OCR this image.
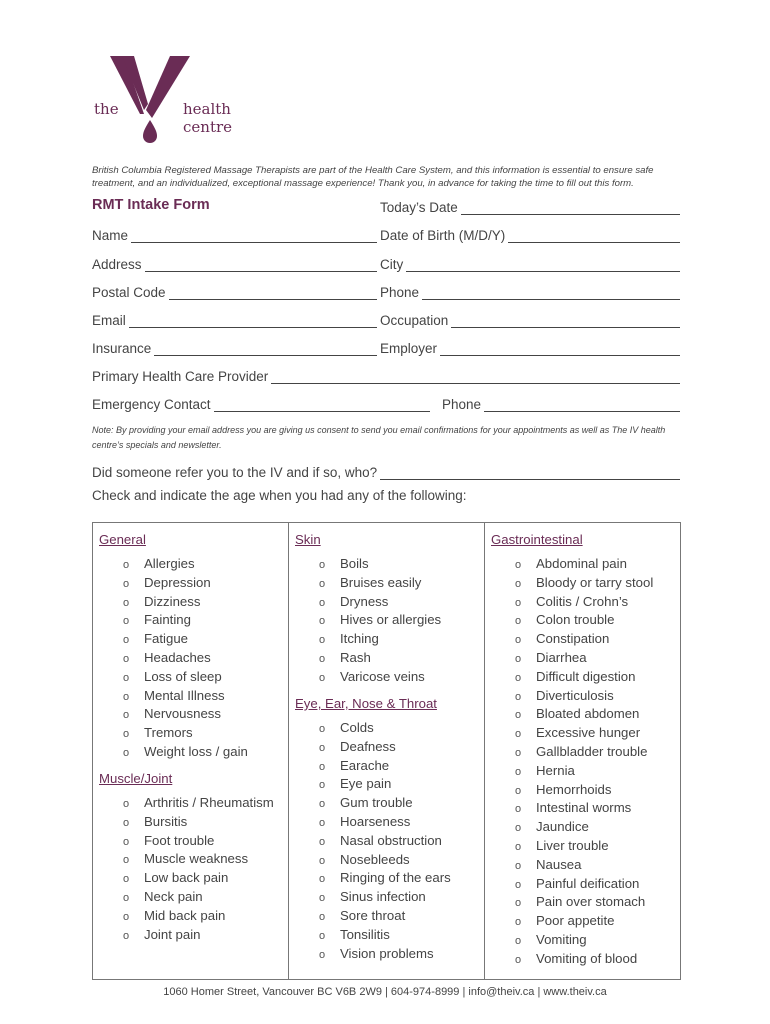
the	health centre
British Columbia Registered Massage Therapists are part of the Health Care System, and this information is essential to ensure safe treatment, and an individualized, exceptional massage experience! Thank you, in advance for taking the time to fill out this form.
RMT Intake Form	Today’s Date
Name	Date of Birth (M/D/Y)
Address	City
Postal Code	Phone
Email	Occupation
Insurance	Employer
Primary Health Care Provider
Emergency Contact	Phone
Note: By providing your email address you are giving us consent to send you email confirmations for your appointments as well as The IV health centre’s specials and newsletter.
Did someone refer you to the IV and if so, who?
Check and indicate the age when you had any of the following:
General
o Allergies
o Depression
o Dizziness
o Fainting
o Fatigue
o Headaches
o Loss of sleep
o Mental Illness
o Nervousness
o Tremors
o Weight loss / gain
Muscle/Joint
o Arthritis / Rheumatism
o Bursitis
o Foot trouble
o Muscle weakness
o Low back pain
o Neck pain
o Mid back pain
o Joint pain
Skin
o Boils
o Bruises easily
o Dryness
o Hives or allergies
o Itching
o Rash
o Varicose veins
Eye, Ear, Nose & Throat
o Colds
o Deafness
o Earache
o Eye pain
o Gum trouble
o Hoarseness
o Nasal obstruction
o Nosebleeds
o Ringing of the ears
o Sinus infection
o Sore throat
o Tonsilitis
o Vision problems
Gastrointestinal
o Abdominal pain
o Bloody or tarry stool
o Colitis / Crohn’s
o Colon trouble
o Constipation
o Diarrhea
o Difficult digestion
o Diverticulosis
o Bloated abdomen
o Excessive hunger
o Gallbladder trouble
o Hernia
o Hemorrhoids
o Intestinal worms
o Jaundice
o Liver trouble
o Nausea
o Painful deification
o Pain over stomach
o Poor appetite
o Vomiting
o Vomiting of blood
1060 Homer Street, Vancouver BC V6B 2W9 | 604-974-8999 | info@theiv.ca | www.theiv.ca
